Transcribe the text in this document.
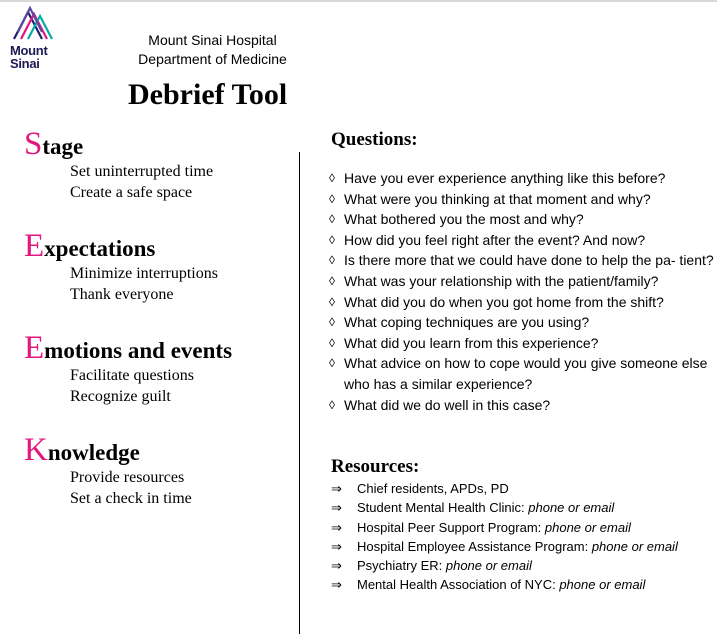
Mount
Sinai
Mount Sinai Hospital
Department of Medicine
Debrief Tool
Stage
Set uninterrupted time
Create a safe space
Expectations
Minimize interruptions
Thank everyone
Emotions and events
Facilitate questions
Recognize guilt
Knowledge
Provide resources
Set a check in time
Questions:
◊ Have you ever experience anything like this before?
◊ What were you thinking at that moment and why?
◊ What bothered you the most and why?
◊ How did you feel right after the event? And now?
◊ Is there more that we could have done to help the pa- tient?
◊ What was your relationship with the patient/family?
◊ What did you do when you got home from the shift?
◊ What coping techniques are you using?
◊ What did you learn from this experience?
◊ What advice on how to cope would you give someone else who has a similar experience?
◊ What did we do well in this case?
Resources:
⇒ Chief residents, APDs, PD
⇒ Student Mental Health Clinic: phone or email
⇒ Hospital Peer Support Program: phone or email
⇒ Hospital Employee Assistance Program: phone or email
⇒ Psychiatry ER: phone or email
⇒ Mental Health Association of NYC: phone or email
